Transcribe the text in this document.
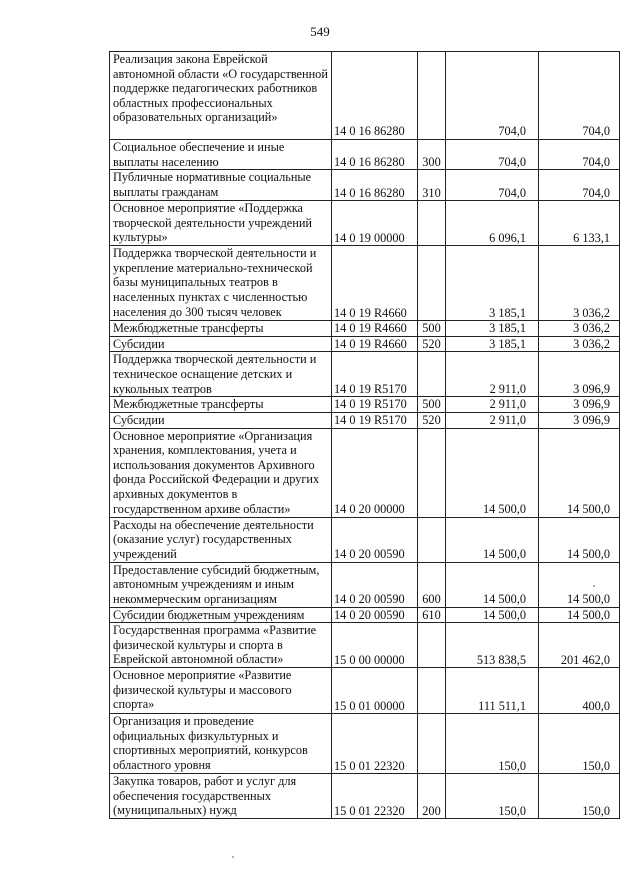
549
Реализация закона Еврейской автономной области «О государственной поддержке педагогических работников областных профессиональных образовательных организаций»	14 0 16 86280		704,0	704,0
Социальное обеспечение и иные выплаты населению	14 0 16 86280	300	704,0	704,0
Публичные нормативные социальные выплаты гражданам	14 0 16 86280	310	704,0	704,0
Основное мероприятие «Поддержка творческой деятельности учреждений культуры»	14 0 19 00000		6 096,1	6 133,1
Поддержка творческой деятельности и укрепление материально-технической базы муниципальных театров в населенных пунктах с численностью населения до 300 тысяч человек	14 0 19 R4660		3 185,1	3 036,2
Межбюджетные трансферты	14 0 19 R4660	500	3 185,1	3 036,2
Субсидии	14 0 19 R4660	520	3 185,1	3 036,2
Поддержка творческой деятельности и техническое оснащение детских и кукольных театров	14 0 19 R5170		2 911,0	3 096,9
Межбюджетные трансферты	14 0 19 R5170	500	2 911,0	3 096,9
Субсидии	14 0 19 R5170	520	2 911,0	3 096,9
Основное мероприятие «Организация хранения, комплектования, учета и использования документов Архивного фонда Российской Федерации и других архивных документов в государственном архиве области»	14 0 20 00000		14 500,0	14 500,0
Расходы на обеспечение деятельности (оказание услуг) государственных учреждений	14 0 20 00590		14 500,0	14 500,0
Предоставление субсидий бюджетным, автономным учреждениям и иным некоммерческим организациям	14 0 20 00590	600	14 500,0	14 500,0
Субсидии бюджетным учреждениям	14 0 20 00590	610	14 500,0	14 500,0
Государственная программа «Развитие физической культуры и спорта в Еврейской автономной области»	15 0 00 00000		513 838,5	201 462,0
Основное мероприятие «Развитие физической культуры и массового спорта»	15 0 01 00000		111 511,1	400,0
Организация и проведение официальных физкультурных и спортивных мероприятий, конкурсов областного уровня	15 0 01 22320		150,0	150,0
Закупка товаров, работ и услуг для обеспечения государственных (муниципальных) нужд	15 0 01 22320	200	150,0	150,0
